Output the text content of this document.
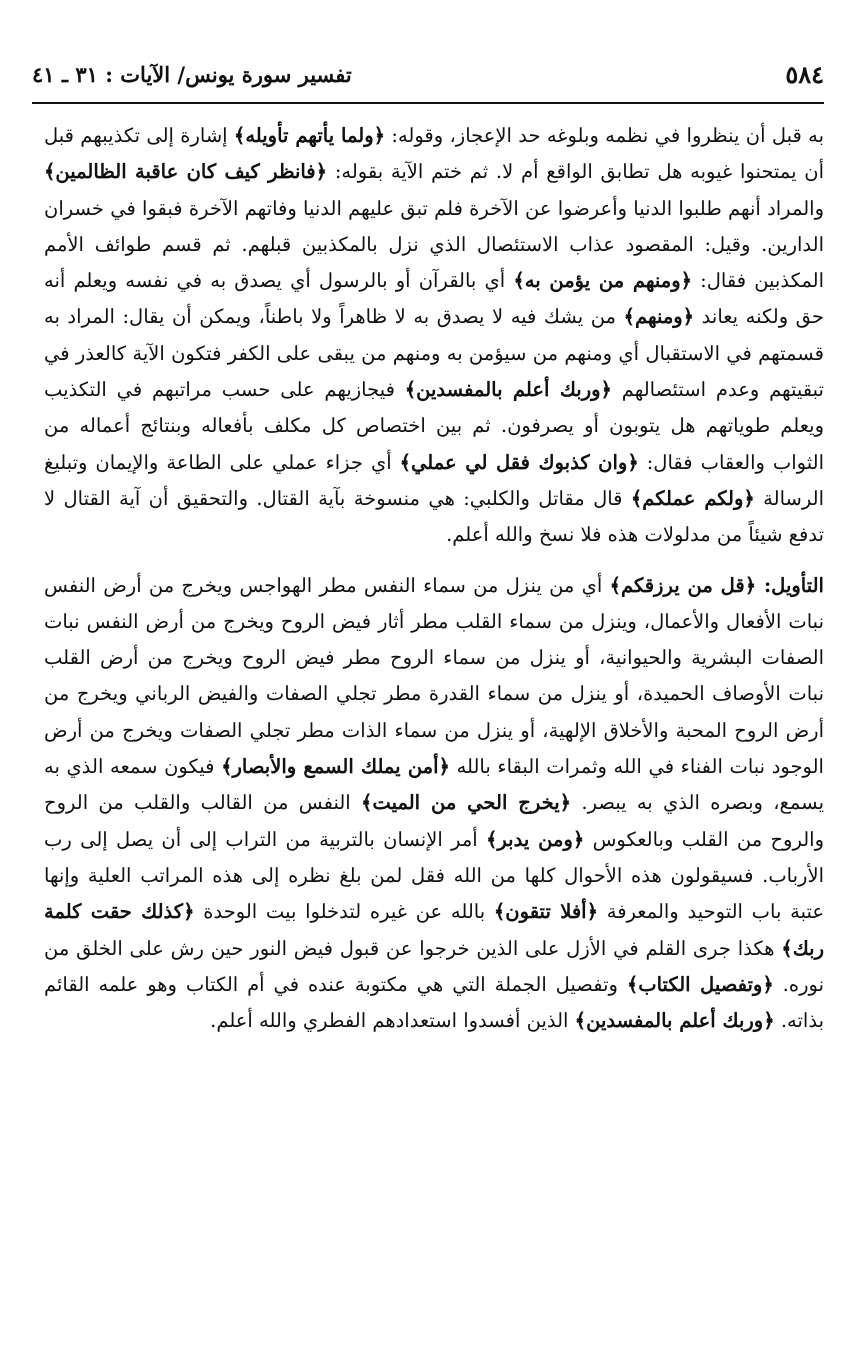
٥٨٤
تفسير سورة يونس/ الآيات : ٣١ ـ ٤١

به قبل أن ينظروا في نظمه وبلوغه حد الإعجاز، وقوله: ﴿ولما يأتهم تأويله﴾ إشارة إلى تكذيبهم قبل أن يمتحنوا غيوبه هل تطابق الواقع أم لا. ثم ختم الآية بقوله: ﴿فانظر كيف كان عاقبة الظالمين﴾ والمراد أنهم طلبوا الدنيا وأعرضوا عن الآخرة فلم تبق عليهم الدنيا وفاتهم الآخرة فبقوا في خسران الدارين. وقيل: المقصود عذاب الاستئصال الذي نزل بالمكذبين قبلهم. ثم قسم طوائف الأمم المكذبين فقال: ﴿ومنهم من يؤمن به﴾ أي بالقرآن أو بالرسول أي يصدق به في نفسه ويعلم أنه حق ولكنه يعاند ﴿ومنهم﴾ من يشك فيه لا يصدق به لا ظاهراً ولا باطناً، ويمكن أن يقال: المراد به قسمتهم في الاستقبال أي ومنهم من سيؤمن به ومنهم من يبقى على الكفر فتكون الآية كالعذر في تبقيتهم وعدم استئصالهم ﴿وربك أعلم بالمفسدين﴾ فيجازيهم على حسب مراتبهم في التكذيب ويعلم طوياتهم هل يتوبون أو يصرفون. ثم بين اختصاص كل مكلف بأفعاله وبنتائج أعماله من الثواب والعقاب فقال: ﴿وان كذبوك فقل لي عملي﴾ أي جزاء عملي على الطاعة والإيمان وتبليغ الرسالة ﴿ولكم عملكم﴾ قال مقاتل والكلبي: هي منسوخة بآية القتال. والتحقيق أن آية القتال لا تدفع شيئاً من مدلولات هذه فلا نسخ والله أعلم.

التأويل: ﴿قل من يرزقكم﴾ أي من ينزل من سماء النفس مطر الهواجس ويخرج من أرض النفس نبات الأفعال والأعمال، وينزل من سماء القلب مطر أثار فيض الروح ويخرج من أرض النفس نبات الصفات البشرية والحيوانية، أو ينزل من سماء الروح مطر فيض الروح ويخرج من أرض القلب نبات الأوصاف الحميدة، أو ينزل من سماء القدرة مطر تجلي الصفات والفيض الرباني ويخرج من أرض الروح المحبة والأخلاق الإلهية، أو ينزل من سماء الذات مطر تجلي الصفات ويخرج من أرض الوجود نبات الفناء في الله وثمرات البقاء بالله ﴿أمن يملك السمع والأبصار﴾ فيكون سمعه الذي به يسمع، وبصره الذي به يبصر. ﴿يخرج الحي من الميت﴾ النفس من القالب والقلب من الروح والروح من القلب وبالعكوس ﴿ومن يدبر﴾ أمر الإنسان بالتربية من التراب إلى أن يصل إلى رب الأرباب. فسيقولون هذه الأحوال كلها من الله فقل لمن بلغ نظره إلى هذه المراتب العلية وإنها عتبة باب التوحيد والمعرفة ﴿أفلا تتقون﴾ بالله عن غيره لتدخلوا بيت الوحدة ﴿كذلك حقت كلمة ربك﴾ هكذا جرى القلم في الأزل على الذين خرجوا عن قبول فيض النور حين رش على الخلق من نوره. ﴿وتفصيل الكتاب﴾ وتفصيل الجملة التي هي مكتوبة عنده في أم الكتاب وهو علمه القائم بذاته. ﴿وربك أعلم بالمفسدين﴾ الذين أفسدوا استعدادهم الفطري والله أعلم.
